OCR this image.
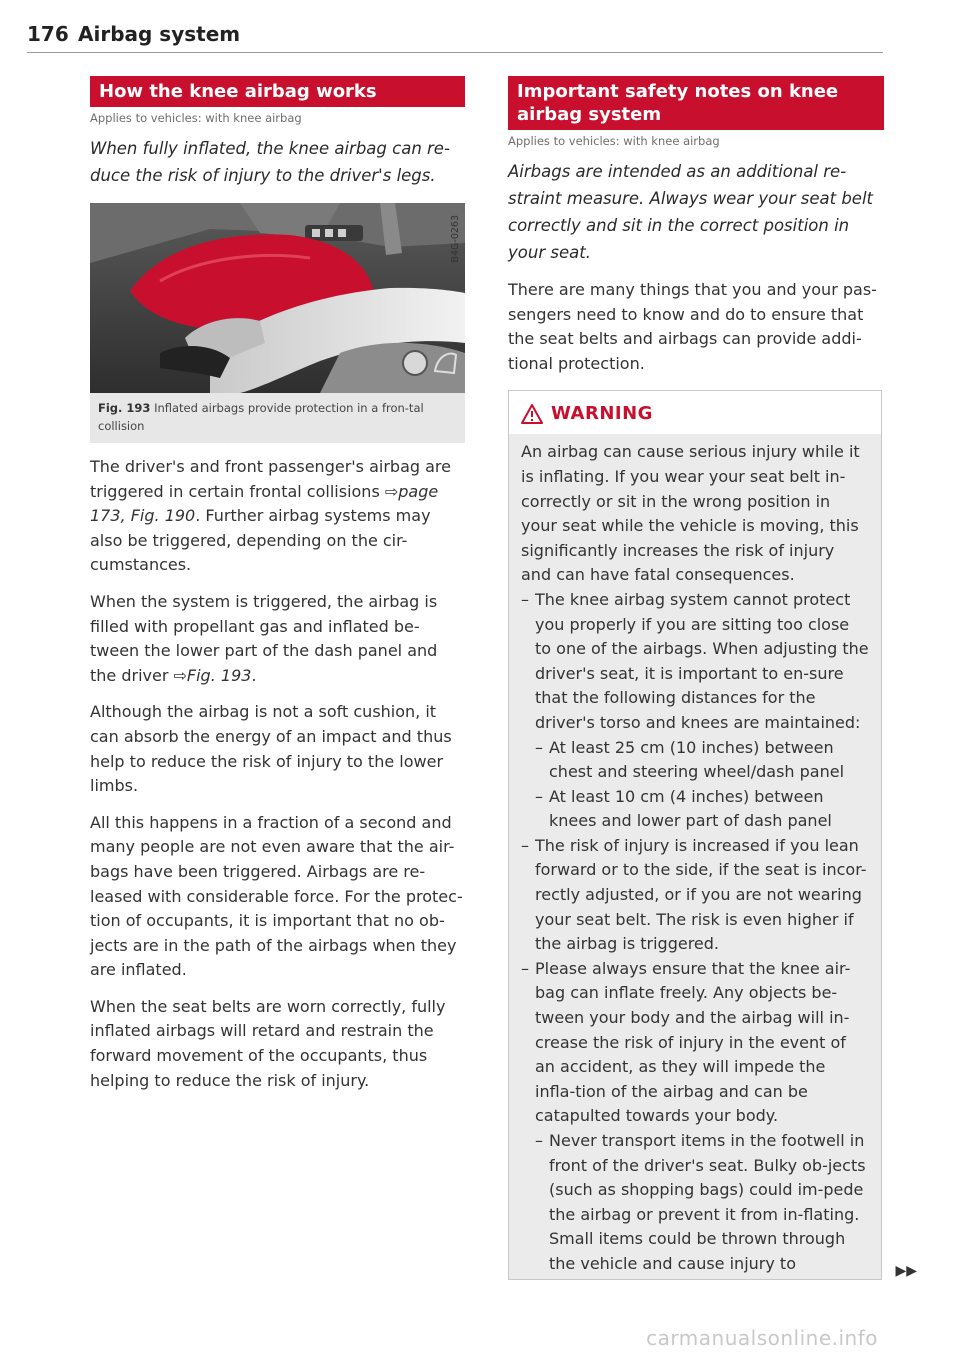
176 Airbag system
How the knee airbag works
Applies to vehicles: with knee airbag
When fully inflated, the knee airbag can re-duce the risk of injury to the driver's legs.
B4G-0263
Fig. 193 Inflated airbags provide protection in a fron-tal collision
The driver's and front passenger's airbag are triggered in certain frontal collisions ⇨page 173, Fig. 190. Further airbag systems may also be triggered, depending on the cir-cumstances.
When the system is triggered, the airbag is filled with propellant gas and inflated be-tween the lower part of the dash panel and the driver ⇨Fig. 193.
Although the airbag is not a soft cushion, it can absorb the energy of an impact and thus help to reduce the risk of injury to the lower limbs.
All this happens in a fraction of a second and many people are not even aware that the air-bags have been triggered. Airbags are re-leased with considerable force. For the protec-tion of occupants, it is important that no ob-jects are in the path of the airbags when they are inflated.
When the seat belts are worn correctly, fully inflated airbags will retard and restrain the forward movement of the occupants, thus helping to reduce the risk of injury.
Important safety notes on knee airbag system
Applies to vehicles: with knee airbag
Airbags are intended as an additional re-straint measure. Always wear your seat belt correctly and sit in the correct position in your seat.
There are many things that you and your pas-sengers need to know and do to ensure that the seat belts and airbags can provide addi-tional protection.
WARNING
An airbag can cause serious injury while it is inflating. If you wear your seat belt in-correctly or sit in the wrong position in your seat while the vehicle is moving, this significantly increases the risk of injury and can have fatal consequences.
– The knee airbag system cannot protect you properly if you are sitting too close to one of the airbags. When adjusting the driver's seat, it is important to en-sure that the following distances for the driver's torso and knees are maintained:
– At least 25 cm (10 inches) between chest and steering wheel/dash panel
– At least 10 cm (4 inches) between knees and lower part of dash panel
– The risk of injury is increased if you lean forward or to the side, if the seat is incor-rectly adjusted, or if you are not wearing your seat belt. The risk is even higher if the airbag is triggered.
– Please always ensure that the knee air-bag can inflate freely. Any objects be-tween your body and the airbag will in-crease the risk of injury in the event of an accident, as they will impede the infla-tion of the airbag and can be catapulted towards your body.
– Never transport items in the footwell in front of the driver's seat. Bulky ob-jects (such as shopping bags) could im-pede the airbag or prevent it from in-flating. Small items could be thrown through the vehicle and cause injury to	▶▶
carmanualsonline.info
